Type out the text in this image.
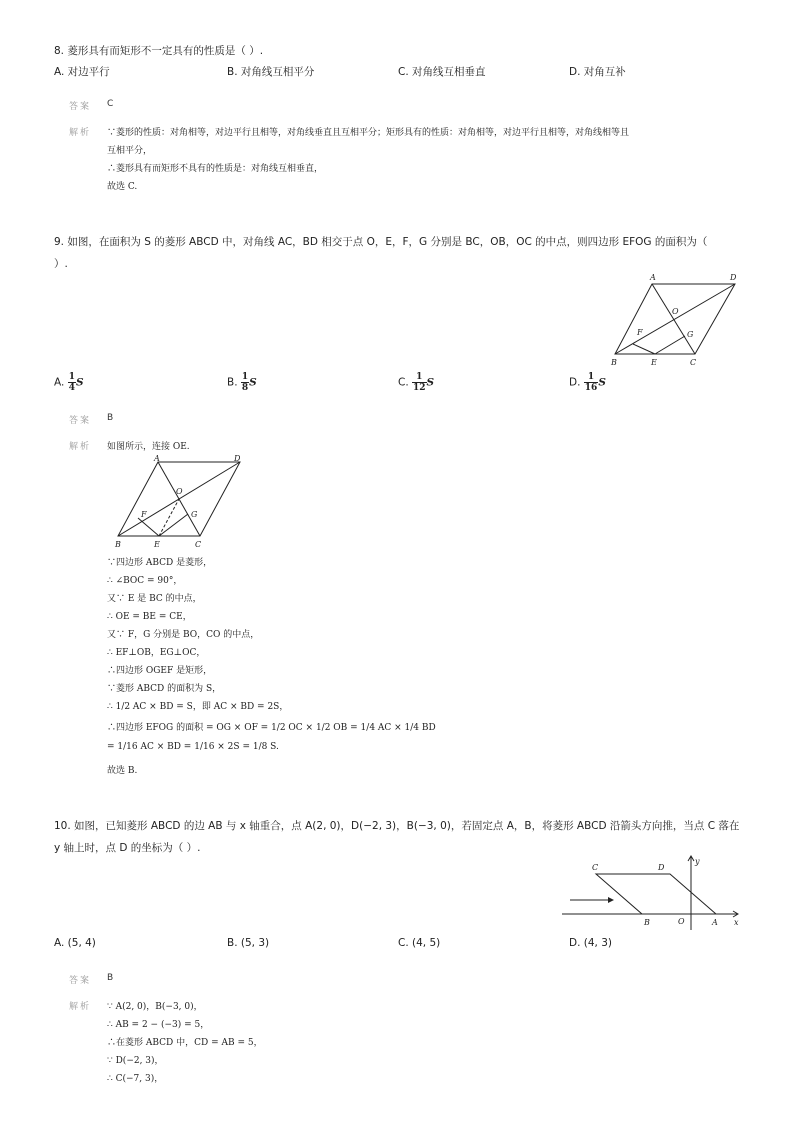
8. 菱形具有而矩形不一定具有的性质是（ ）.
A. 对边平行	B. 对角线互相平分	C. 对角线互相垂直	D. 对角互补
答案 C
解析 ∵菱形的性质：对角相等，对边平行且相等，对角线垂直且互相平分；矩形具有的性质：对角相等，对边平行且相等，对角线相等且
互相平分，
∴菱形具有而矩形不具有的性质是：对角线互相垂直，
故选 C.
9. 如图，在面积为 S 的菱形 ABCD 中，对角线 AC，BD 相交于点 O，E，F，G 分别是 BC，OB，OC 的中点，则四边形 EFOG 的面积为（
）.
A	D
O
F	G
B	E	C
A. $\frac{1}{4}$ S	B. $\frac{1}{8}$ S	C. $\frac{1}{12}$ S	D. $\frac{1}{16}$ S
答案 B
解析 如图所示，连接 OE.
A	D
O
F	G
B	E	C
∵四边形 ABCD 是菱形，
∴ ∠BOC = 90°，
又∵ E 是 BC 的中点，
∴ OE = BE = CE，
又∵ F，G 分别是 BO，CO 的中点，
∴ EF⊥OB，EG⊥OC，
∴四边形 OGEF 是矩形，
∵菱形 ABCD 的面积为 S，
∴ 1/2 AC × BD = S，即 AC × BD = 2S，
∴四边形 EFOG 的面积 = OG × OF = 1/2 OC × 1/2 OB = 1/4 AC × 1/4 BD
= 1/16 AC × BD = 1/16 × 2S = 1/8 S.
故选 B.
10. 如图，已知菱形 ABCD 的边 AB 与 x 轴重合，点 A(2, 0)，D(−2, 3)，B(−3, 0)，若固定点 A，B，将菱形 ABCD 沿箭头方向推，当点 C 落在
y 轴上时，点 D 的坐标为（ ）.
C	D
y
B	O	A x
A. (5, 4)	B. (5, 3)	C. (4, 5)	D. (4, 3)
答案 B
解析 ∵ A(2, 0)，B(−3, 0)，
∴ AB = 2 − (−3) = 5，
∴在菱形 ABCD 中，CD = AB = 5，
∵ D(−2, 3)，
∴ C(−7, 3)，
